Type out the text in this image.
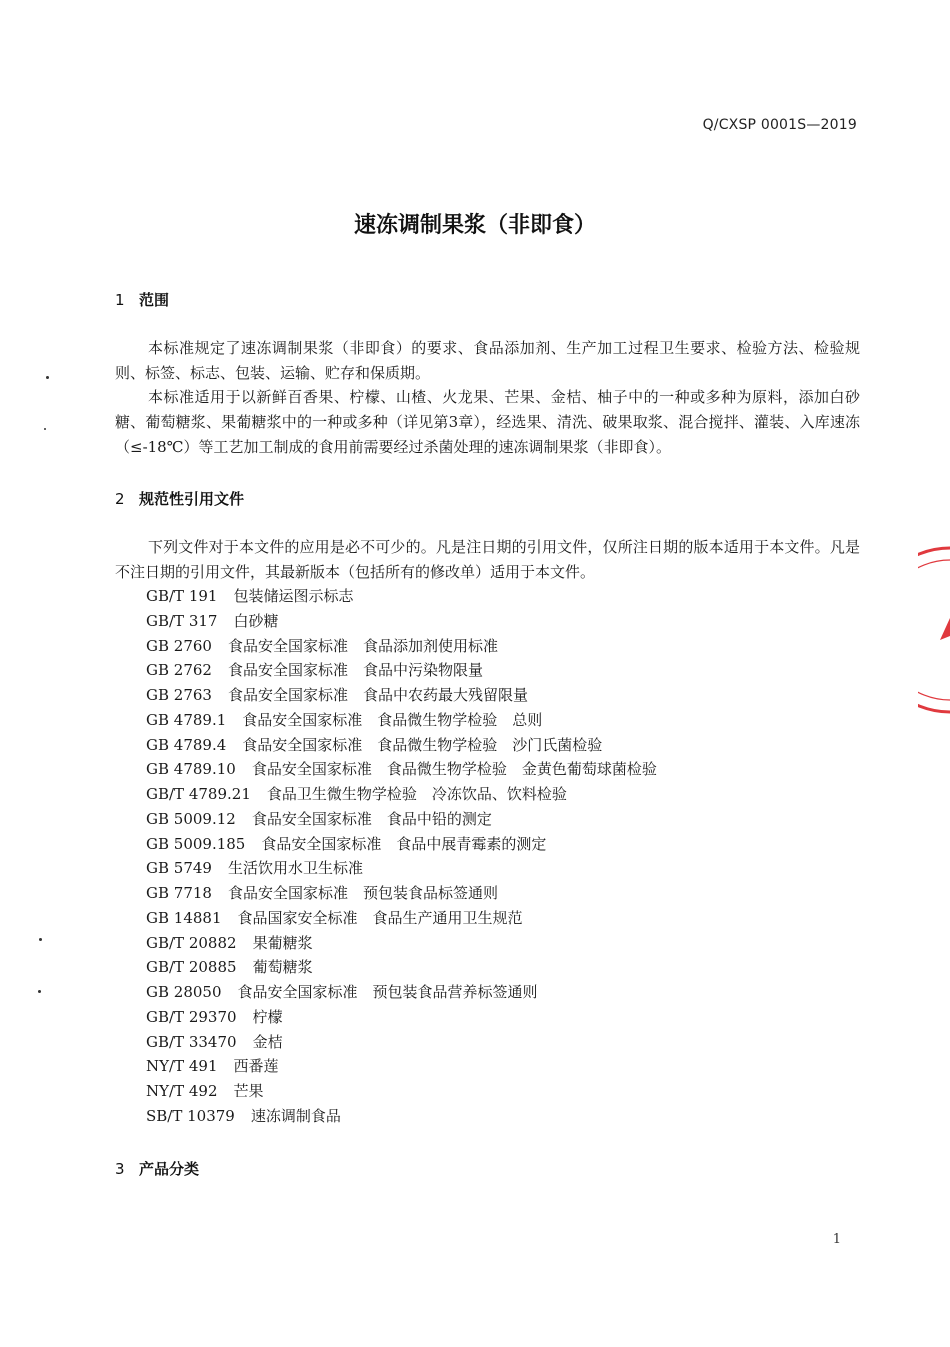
Q/CXSP 0001S—2019
速冻调制果浆（非即食）
1 范围
本标准规定了速冻调制果浆（非即食）的要求、食品添加剂、生产加工过程卫生要求、检验方法、检验规则、标签、标志、包装、运输、贮存和保质期。
本标准适用于以新鲜百香果、柠檬、山楂、火龙果、芒果、金桔、柚子中的一种或多种为原料，添加白砂糖、葡萄糖浆、果葡糖浆中的一种或多种（详见第3章），经选果、清洗、破果取浆、混合搅拌、灌装、入库速冻（≤-18℃）等工艺加工制成的食用前需要经过杀菌处理的速冻调制果浆（非即食）。
2 规范性引用文件
下列文件对于本文件的应用是必不可少的。凡是注日期的引用文件，仅所注日期的版本适用于本文件。凡是不注日期的引用文件，其最新版本（包括所有的修改单）适用于本文件。
GB/T 191 包装储运图示标志
GB/T 317 白砂糖
GB 2760 食品安全国家标准　食品添加剂使用标准
GB 2762 食品安全国家标准　食品中污染物限量
GB 2763 食品安全国家标准　食品中农药最大残留限量
GB 4789.1 食品安全国家标准　食品微生物学检验　总则
GB 4789.4 食品安全国家标准　食品微生物学检验　沙门氏菌检验
GB 4789.10 食品安全国家标准　食品微生物学检验　金黄色葡萄球菌检验
GB/T 4789.21 食品卫生微生物学检验　冷冻饮品、饮料检验
GB 5009.12 食品安全国家标准　食品中铅的测定
GB 5009.185 食品安全国家标准　食品中展青霉素的测定
GB 5749 生活饮用水卫生标准
GB 7718 食品安全国家标准　预包装食品标签通则
GB 14881 食品国家安全标准　食品生产通用卫生规范
GB/T 20882 果葡糖浆
GB/T 20885 葡萄糖浆
GB 28050 食品安全国家标准　预包装食品营养标签通则
GB/T 29370 柠檬
GB/T 33470 金桔
NY/T 491 西番莲
NY/T 492 芒果
SB/T 10379 速冻调制食品
3 产品分类
1
